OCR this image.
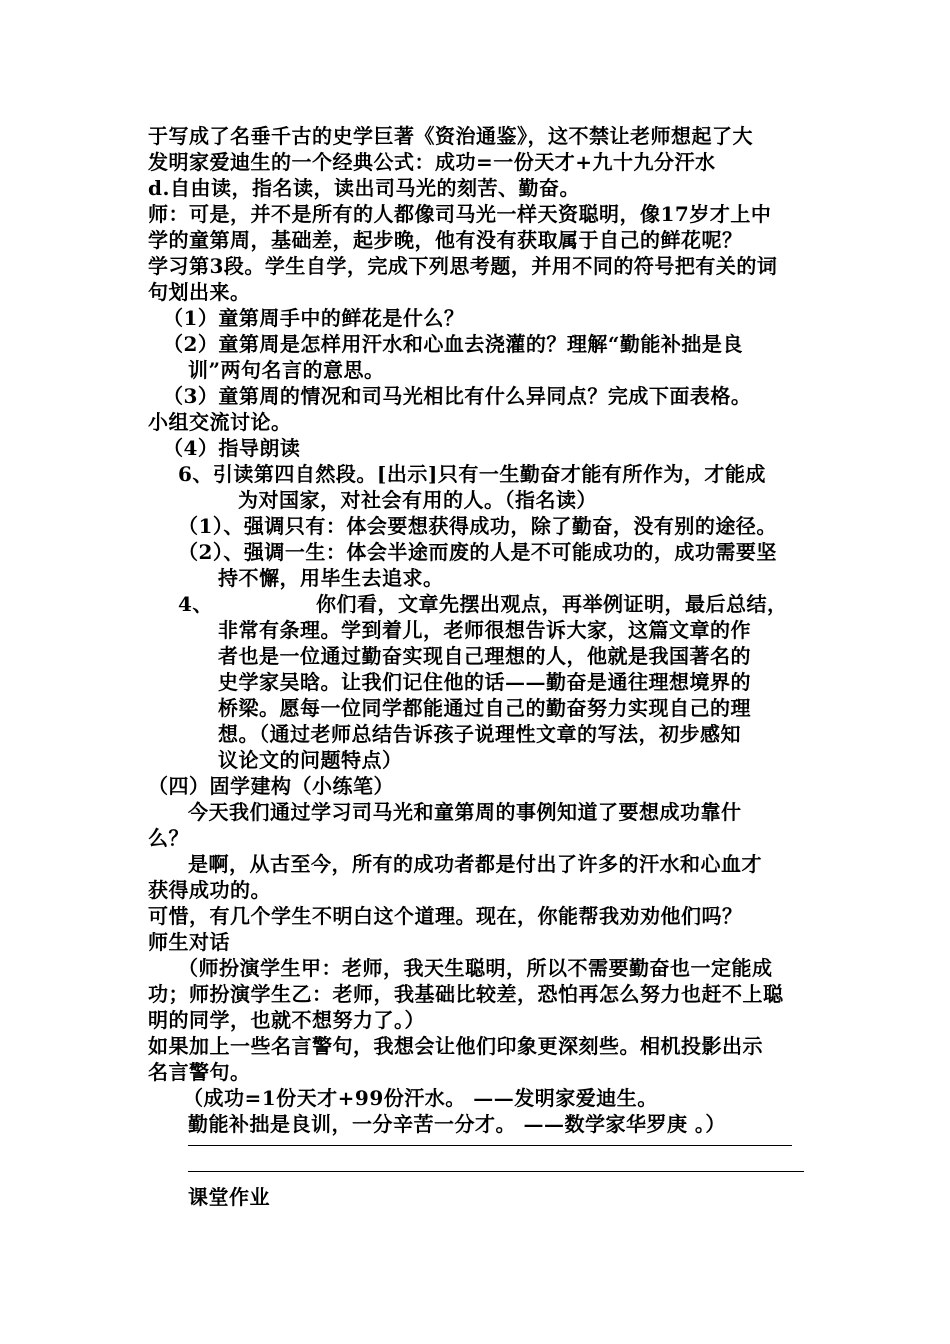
于写成了名垂千古的史学巨著《资治通鉴》，这不禁让老师想起了大
发明家爱迪生的一个经典公式：成功=一份天才+九十九分汗水
d.自由读，指名读，读出司马光的刻苦、勤奋。
师：可是，并不是所有的人都像司马光一样天资聪明，像17岁才上中
学的童第周，基础差，起步晚，他有没有获取属于自己的鲜花呢？
学习第3段。学生自学，完成下列思考题，并用不同的符号把有关的词
句划出来。
（1）童第周手中的鲜花是什么？
（2）童第周是怎样用汗水和心血去浇灌的？理解“勤能补拙是良
训”两句名言的意思。
（3）童第周的情况和司马光相比有什么异同点？完成下面表格。
小组交流讨论。
（4）指导朗读
6、引读第四自然段。[出示]只有一生勤奋才能有所作为，才能成
为对国家，对社会有用的人。（指名读）
（1）、强调只有：体会要想获得成功，除了勤奋，没有别的途径。
（2）、强调一生：体会半途而废的人是不可能成功的，成功需要坚
持不懈，用毕生去追求。
4、	你们看，文章先摆出观点，再举例证明，最后总结，
非常有条理。学到着儿，老师很想告诉大家，这篇文章的作
者也是一位通过勤奋实现自己理想的人，他就是我国著名的
史学家吴晗。让我们记住他的话——勤奋是通往理想境界的
桥梁。愿每一位同学都能通过自己的勤奋努力实现自己的理
想。（通过老师总结告诉孩子说理性文章的写法，初步感知
议论文的问题特点）
（四）固学建构（小练笔）
今天我们通过学习司马光和童第周的事例知道了要想成功靠什
么？
是啊，从古至今，所有的成功者都是付出了许多的汗水和心血才
获得成功的。
可惜，有几个学生不明白这个道理。现在，你能帮我劝劝他们吗？
师生对话
（师扮演学生甲：老师，我天生聪明，所以不需要勤奋也一定能成
功；师扮演学生乙：老师，我基础比较差，恐怕再怎么努力也赶不上聪
明的同学，也就不想努力了。）
如果加上一些名言警句，我想会让他们印象更深刻些。相机投影出示
名言警句。
（成功=1份天才+99份汗水。 ——发明家爱迪生。
勤能补拙是良训，一分辛苦一分才。 ——数学家华罗庚 。）
课堂作业
